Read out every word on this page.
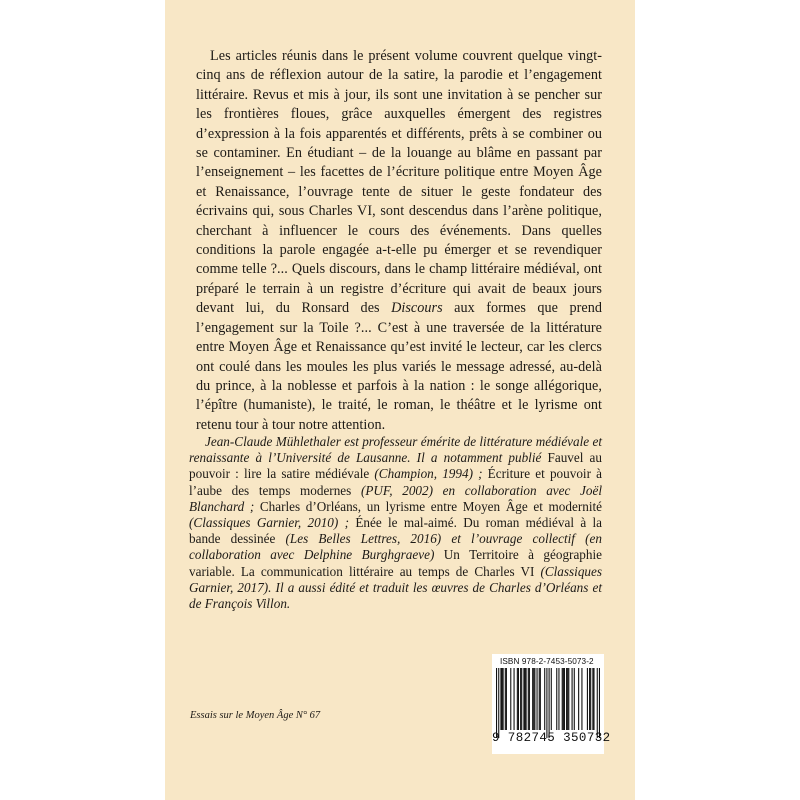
Les articles réunis dans le présent volume couvrent quelque vingt-cinq ans de réflexion autour de la satire, la parodie et l’engagement littéraire. Revus et mis à jour, ils sont une invitation à se pencher sur les frontières floues, grâce auxquelles émergent des registres d’expression à la fois apparentés et différents, prêts à se combiner ou se contaminer. En étudiant – de la louange au blâme en passant par l’enseignement – les facettes de l’écriture politique entre Moyen Âge et Renaissance, l’ouvrage tente de situer le geste fondateur des écrivains qui, sous Charles VI, sont descendus dans l’arène politique, cherchant à influencer le cours des événements. Dans quelles conditions la parole engagée a-t-elle pu émerger et se revendiquer comme telle ?... Quels discours, dans le champ littéraire médiéval, ont préparé le terrain à un registre d’écriture qui avait de beaux jours devant lui, du Ronsard des Discours aux formes que prend l’engagement sur la Toile ?... C’est à une traversée de la littérature entre Moyen Âge et Renaissance qu’est invité le lecteur, car les clercs ont coulé dans les moules les plus variés le message adressé, au-delà du prince, à la noblesse et parfois à la nation : le songe allégorique, l’épître (humaniste), le traité, le roman, le théâtre et le lyrisme ont retenu tour à tour notre attention.

Jean-Claude Mühlethaler est professeur émérite de littérature médiévale et renaissante à l’Université de Lausanne. Il a notamment publié Fauvel au pouvoir : lire la satire médiévale (Champion, 1994) ; Écriture et pouvoir à l’aube des temps modernes (PUF, 2002) en collaboration avec Joël Blanchard ; Charles d’Orléans, un lyrisme entre Moyen Âge et modernité (Classiques Garnier, 2010) ; Énée le mal-aimé. Du roman médiéval à la bande dessinée (Les Belles Lettres, 2016) et l’ouvrage collectif (en collaboration avec Delphine Burghgraeve) Un Territoire à géographie variable. La communication littéraire au temps de Charles VI (Classiques Garnier, 2017). Il a aussi édité et traduit les œuvres de Charles d’Orléans et de François Villon.

Essais sur le Moyen Âge N° 67
ISBN 978-2-7453-5073-2
9 782745 350732
